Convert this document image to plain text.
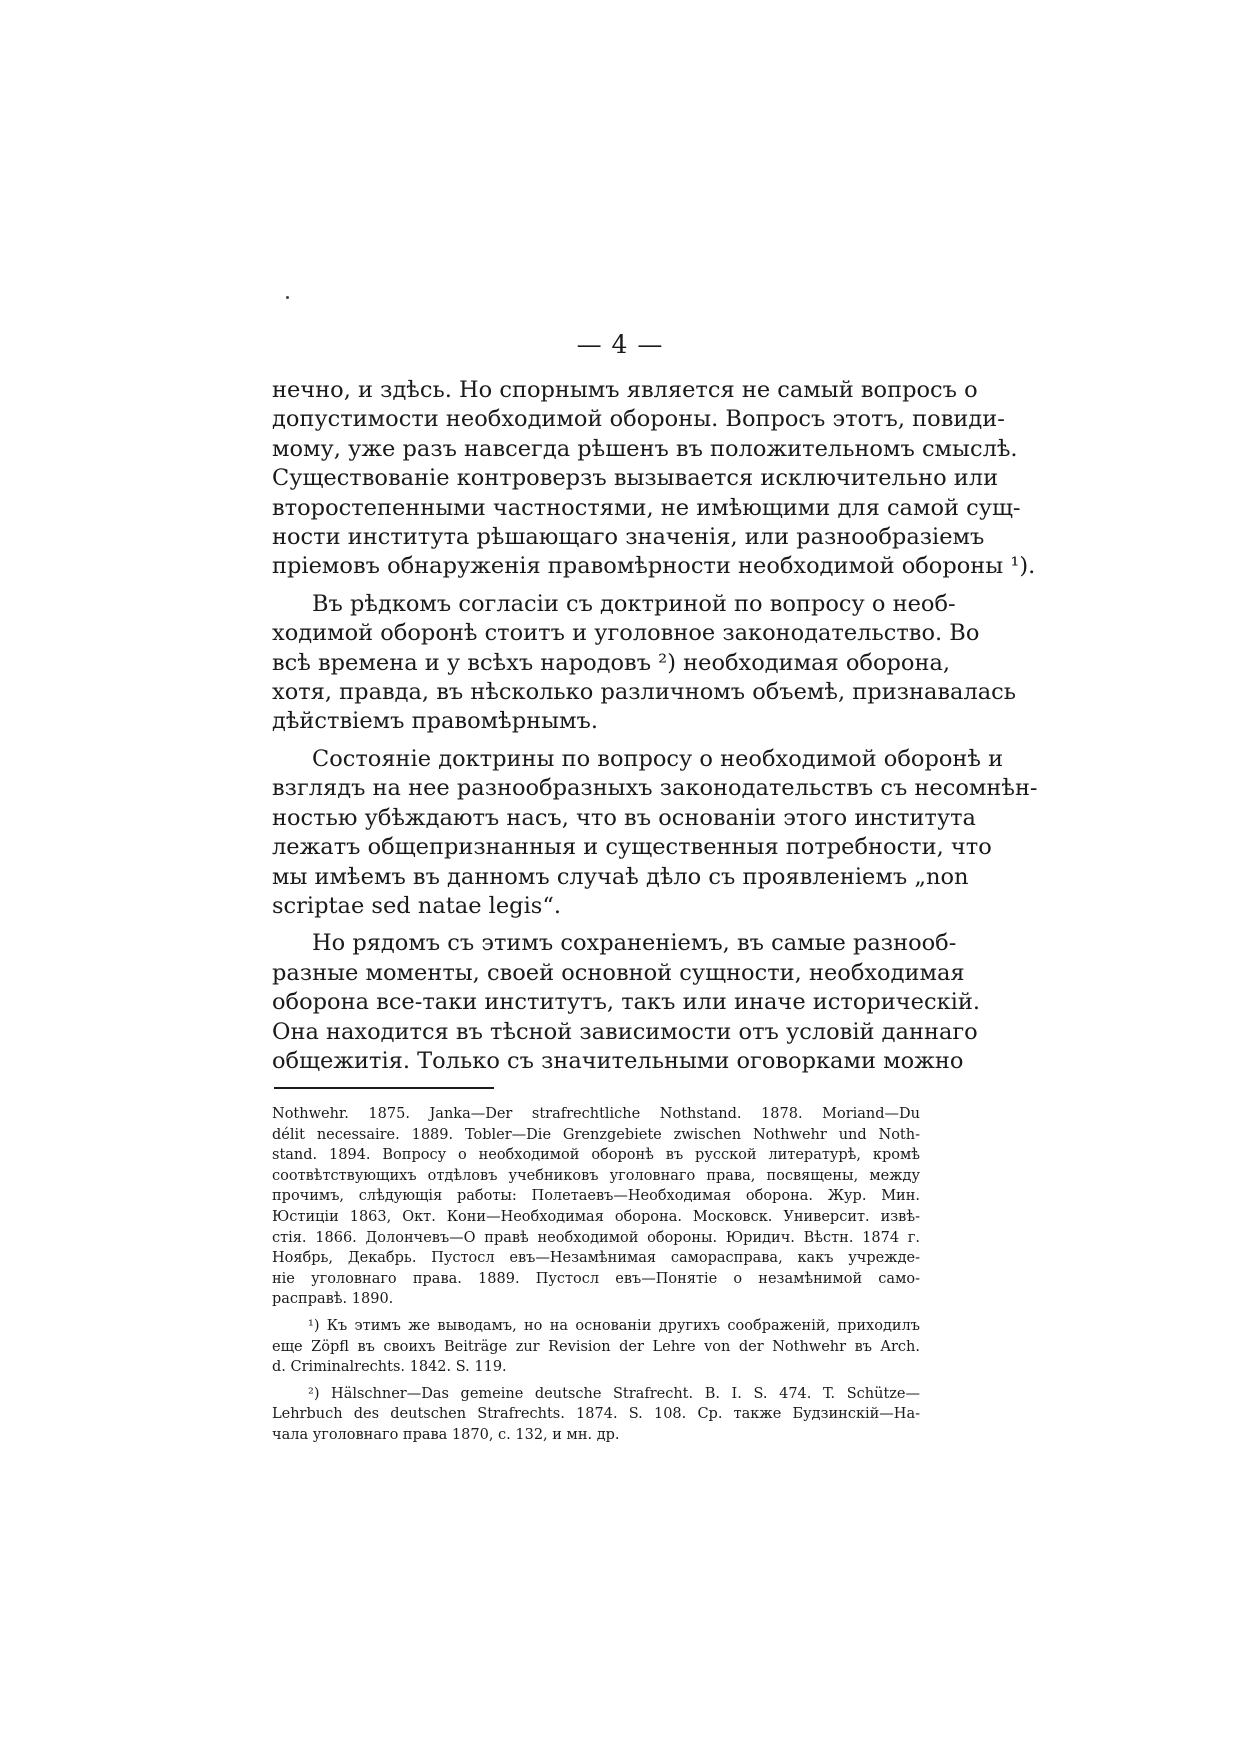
— 4 —
нечно, и здѣсь. Но спорнымъ является не самый вопросъ о
допустимости необходимой обороны. Вопросъ этотъ, повиди-
мому, уже разъ навсегда рѣшенъ въ положительномъ смыслѣ.
Существованіе контроверзъ вызывается исключительно или
второстепенными частностями, не имѣющими для самой сущ-
ности института рѣшающаго значенія, или разнообразіемъ
пріемовъ обнаруженія правомѣрности необходимой обороны ¹).
Въ рѣдкомъ согласіи съ доктриной по вопросу о необ-
ходимой оборонѣ стоитъ и уголовное законодательство. Во
всѣ времена и у всѣхъ народовъ ²) необходимая оборона,
хотя, правда, въ нѣсколько различномъ объемѣ, признавалась
дѣйствіемъ правомѣрнымъ.
Состояніе доктрины по вопросу о необходимой оборонѣ и
взглядъ на нее разнообразныхъ законодательствъ съ несомнѣн-
ностью убѣждаютъ насъ, что въ основаніи этого института
лежатъ общепризнанныя и существенныя потребности, что
мы имѣемъ въ данномъ случаѣ дѣло съ проявленіемъ „non
scriptae sed natae legis“.
Но рядомъ съ этимъ сохраненіемъ, въ самые разнооб-
разные моменты, своей основной сущности, необходимая
оборона все-таки институтъ, такъ или иначе историческій.
Она находится въ тѣсной зависимости отъ условій даннаго
общежитія. Только съ значительными оговорками можно
Nothwehr. 1875. Janka—Der strafrechtliche Nothstand. 1878. Moriand—Du
délit necessaire. 1889. Tobler—Die Grenzgebiete zwischen Nothwehr und Noth-
stand. 1894. Вопросу о необходимой оборонѣ въ русской литературѣ, кромѣ
соотвѣтствующихъ отдѣловъ учебниковъ уголовнаго права, посвящены, между
прочимъ, слѣдующія работы: Полетаевъ—Необходимая оборона. Жур. Мин.
Юстиціи 1863, Окт. Кони—Необходимая оборона. Московск. Университ. извѣ-
стія. 1866. Долончевъ—О правѣ необходимой обороны. Юридич. Вѣстн. 1874 г.
Ноябрь, Декабрь. Пустосл евъ—Незамѣнимая саморасправа, какъ учрежде-
ніе уголовнаго права. 1889. Пустосл евъ—Понятіе о незамѣнимой само-
распpавѣ. 1890.
¹) Къ этимъ же выводамъ, но на основаніи другихъ соображеній, приходилъ
еще Zöpfl въ своихъ Beiträge zur Revision der Lehre von der Nothwehr въ Arch.
d. Criminalrechts. 1842. S. 119.
²) Hälschner—Das gemeine deutsche Strafrecht. B. I. S. 474. T. Schütze—
Lehrbuch des deutschen Strafrechts. 1874. S. 108. Ср. также Будзинскій—На-
чала уголовнаго права 1870, с. 132, и мн. др.
